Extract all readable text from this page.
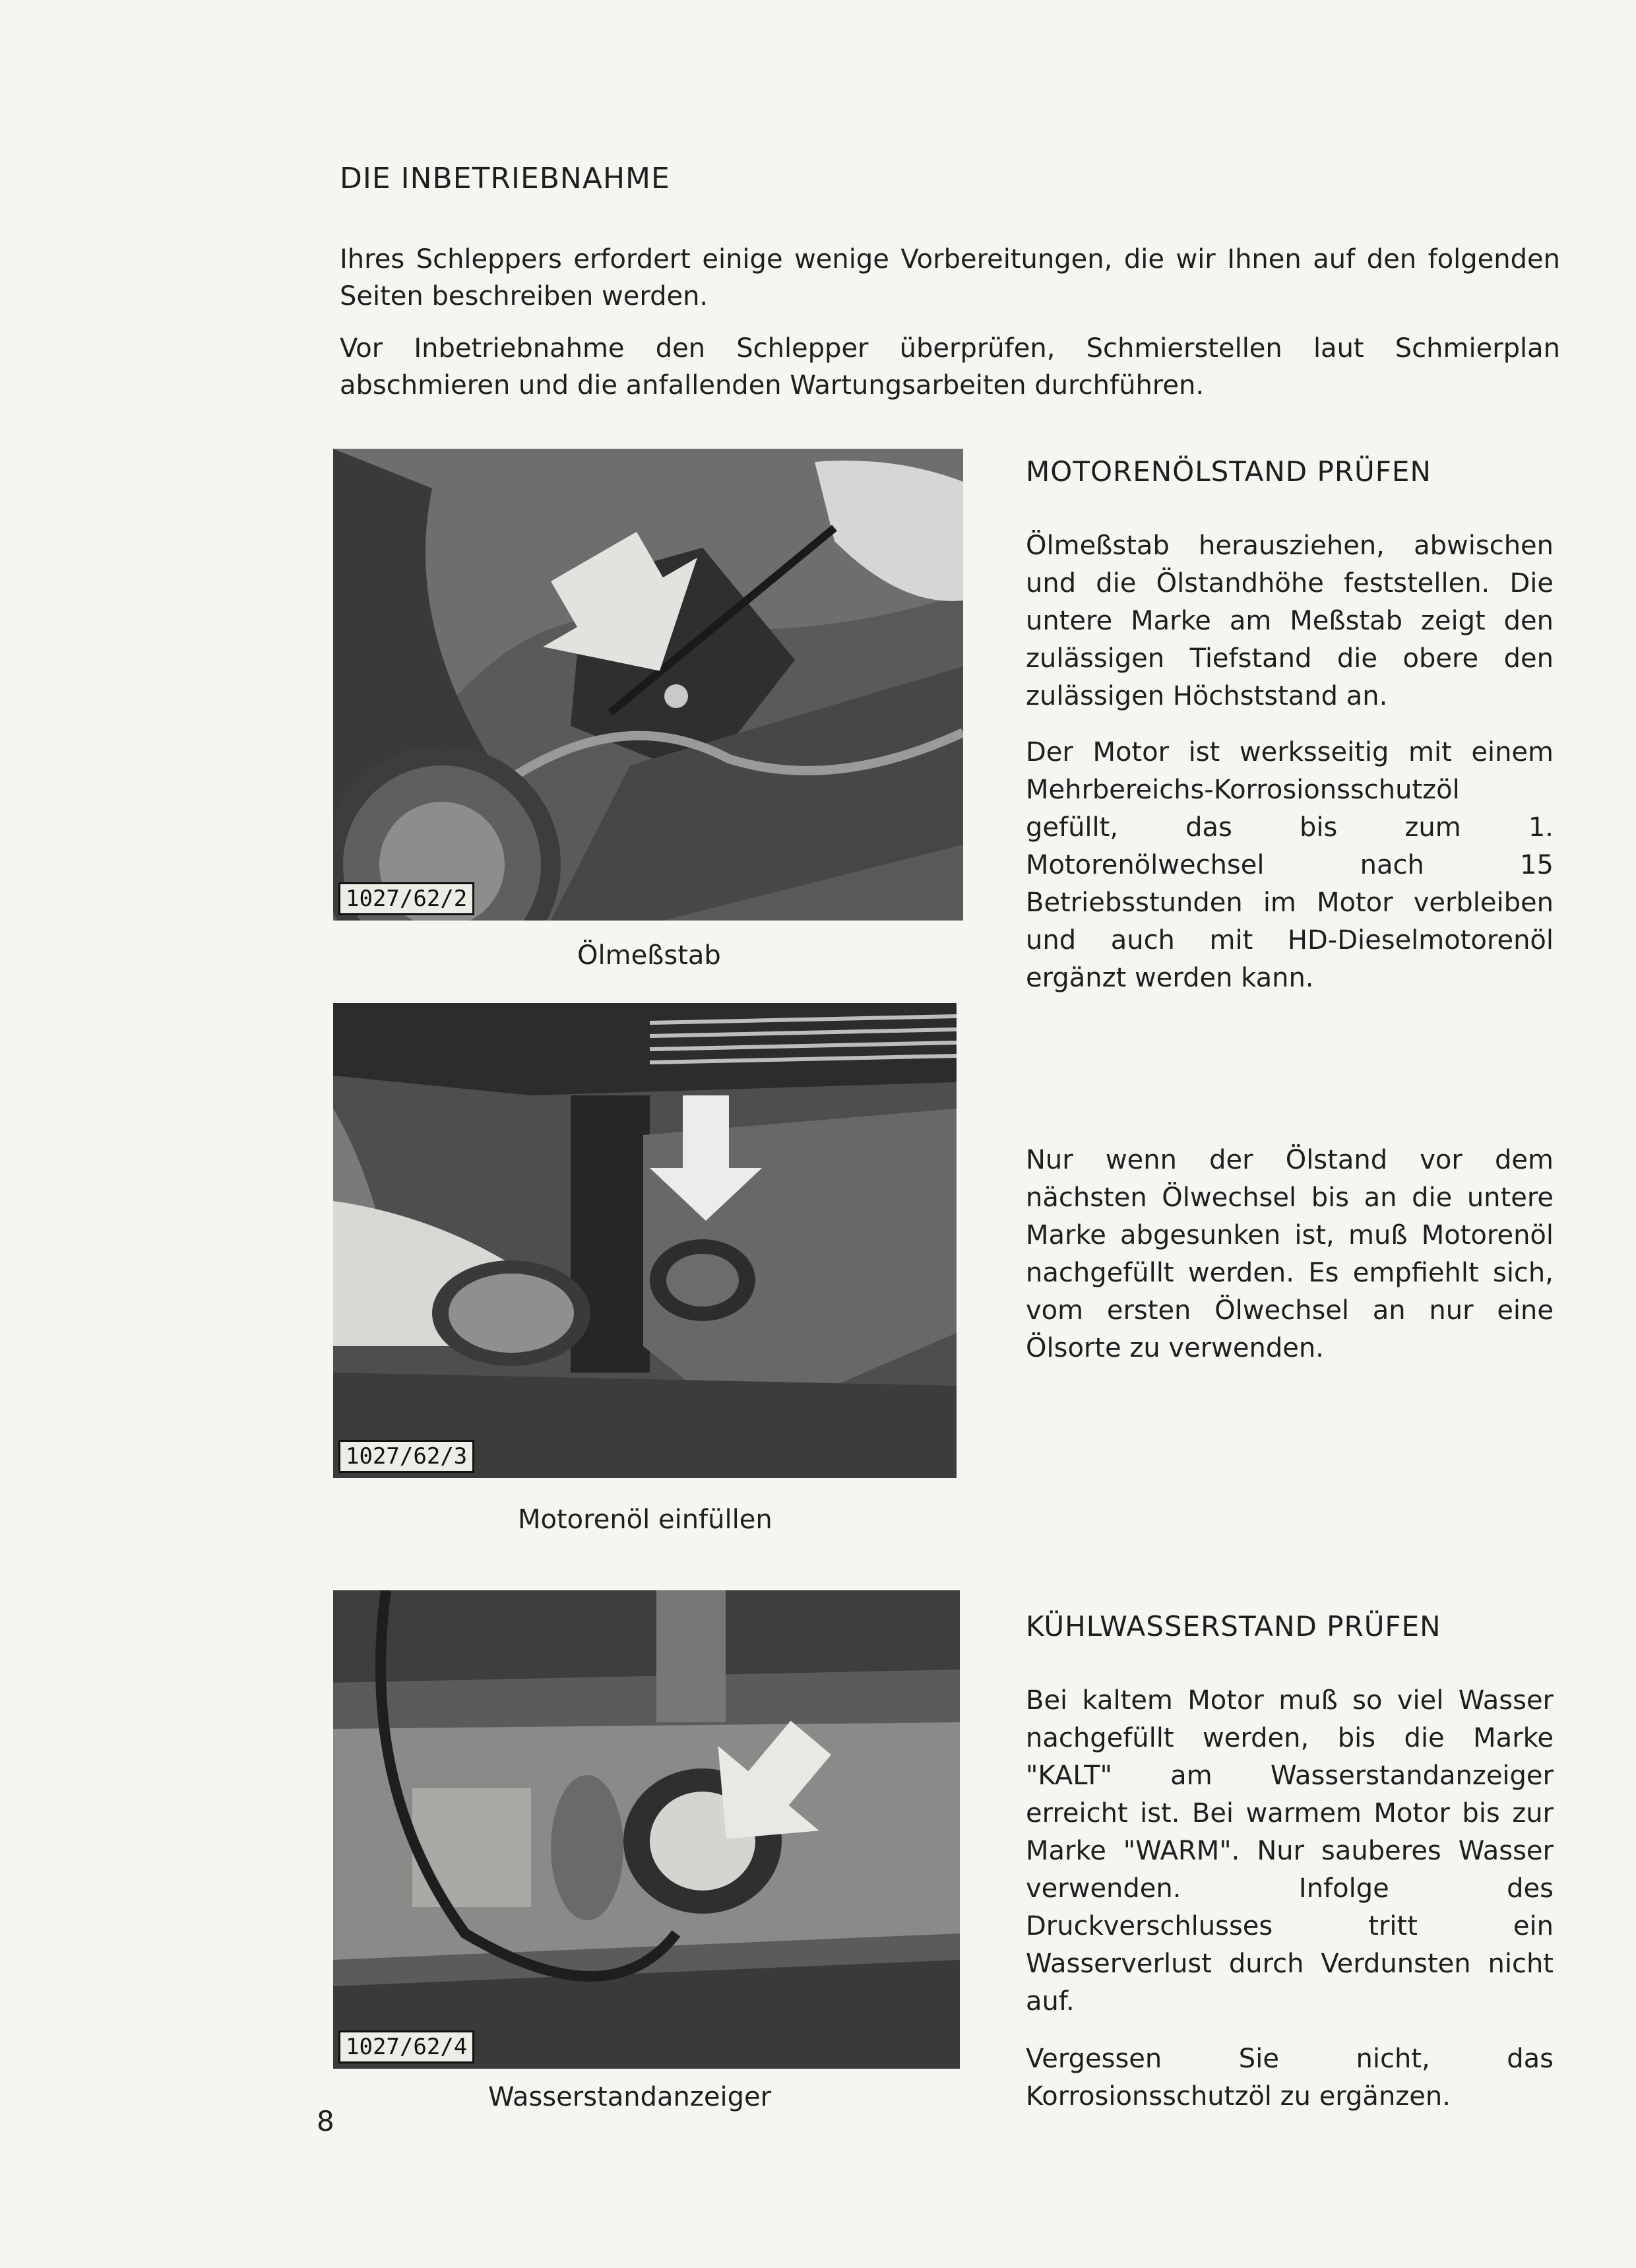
DIE INBETRIEBNAHME

Ihres Schleppers erfordert einige wenige Vorbereitungen, die wir Ihnen auf den folgenden Seiten beschreiben werden.

Vor Inbetriebnahme den Schlepper überprüfen, Schmierstellen laut Schmierplan abschmieren und die anfallenden Wartungsarbeiten durchführen.

1027/62/2

Ölmeßstab

1027/62/3

Motorenöl einfüllen

1027/62/4

Wasserstandanzeiger

MOTORENÖLSTAND PRÜFEN

Ölmeßstab herausziehen, abwischen und die Ölstandhöhe feststellen. Die untere Marke am Meßstab zeigt den zulässigen Tiefstand die obere den zulässigen Höchststand an.

Der Motor ist werksseitig mit einem Mehrbereichs-Korrosionsschutzöl gefüllt, das bis zum 1. Motorenölwechsel nach 15 Betriebsstunden im Motor verbleiben und auch mit HD-Dieselmotorenöl ergänzt werden kann.

Nur wenn der Ölstand vor dem nächsten Ölwechsel bis an die untere Marke abgesunken ist, muß Motorenöl nachgefüllt werden. Es empfiehlt sich, vom ersten Ölwechsel an nur eine Ölsorte zu verwenden.

KÜHLWASSERSTAND PRÜFEN

Bei kaltem Motor muß so viel Wasser nachgefüllt werden, bis die Marke "KALT" am Wasserstandanzeiger erreicht ist. Bei warmem Motor bis zur Marke "WARM". Nur sauberes Wasser verwenden. Infolge des Druckverschlusses tritt ein Wasserverlust durch Verdunsten nicht auf.

Vergessen Sie nicht, das Korrosionsschutzöl zu ergänzen.

8
